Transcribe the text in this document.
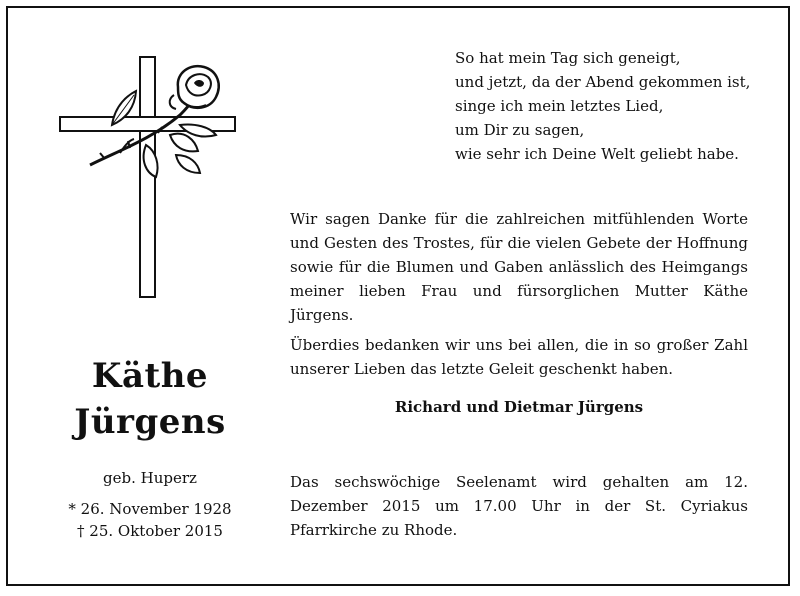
Käthe
Jürgens
geb. Huperz
* 26. November 1928
† 25. Oktober 2015
So hat mein Tag sich geneigt,
und jetzt, da der Abend gekommen ist,
singe ich mein letztes Lied,
um Dir zu sagen,
wie sehr ich Deine Welt geliebt habe.

Wir sagen Danke für die zahlreichen mitfühlenden Worte und Gesten des Trostes, für die vielen Gebete der Hoffnung sowie für die Blumen und Gaben anlässlich des Heimgangs meiner lieben Frau und fürsorglichen Mutter Käthe Jürgens.

Überdies bedanken wir uns bei allen, die in so großer Zahl unserer Lieben das letzte Geleit geschenkt haben.

Richard und Dietmar Jürgens
Das sechswöchige Seelenamt wird gehalten am 12. Dezember 2015 um 17.00 Uhr in der St. Cyriakus Pfarrkirche zu Rhode.
